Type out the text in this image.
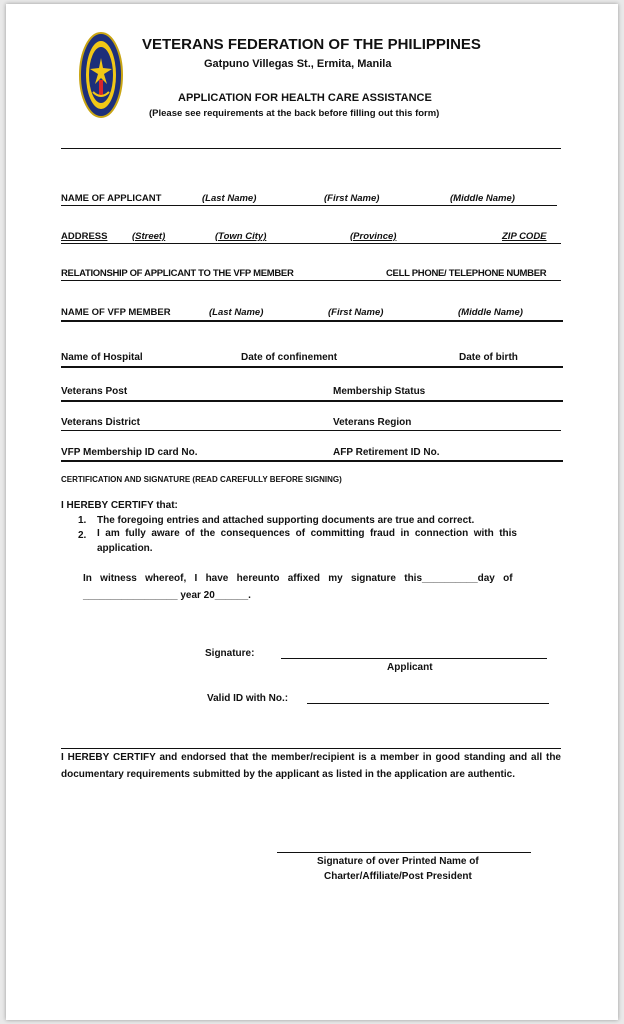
VETERANS FEDERATION OF THE PHILIPPINES
Gatpuno Villegas St., Ermita, Manila
APPLICATION FOR HEALTH CARE ASSISTANCE
(Please see requirements at the back before filling out this form)
NAME OF APPLICANT	(Last Name)	(First Name)	(Middle Name)
ADDRESS	(Street)	(Town City)	(Province)	ZIP CODE
RELATIONSHIP OF APPLICANT TO THE VFP MEMBER	CELL PHONE/ TELEPHONE NUMBER
NAME OF VFP MEMBER	(Last Name)	(First Name)	(Middle Name)
Name of Hospital	Date of confinement	Date of birth
Veterans Post	Membership Status
Veterans District	Veterans Region
VFP Membership ID card No.	AFP Retirement ID No.
CERTIFICATION AND SIGNATURE (READ CAREFULLY BEFORE SIGNING)
I HEREBY CERTIFY that:
1. The foregoing entries and attached supporting documents are true and correct.
2. I am fully aware of the consequences of committing fraud in connection with this application.
In witness whereof, I have hereunto affixed my signature this__________day of
_________________ year 20______.
Signature:
Applicant
Valid ID with No.:
I HEREBY CERTIFY and endorsed that the member/recipient is a member in good standing and all the documentary requirements submitted by the applicant as listed in the application are authentic.
Signature of over Printed Name of
Charter/Affiliate/Post President
